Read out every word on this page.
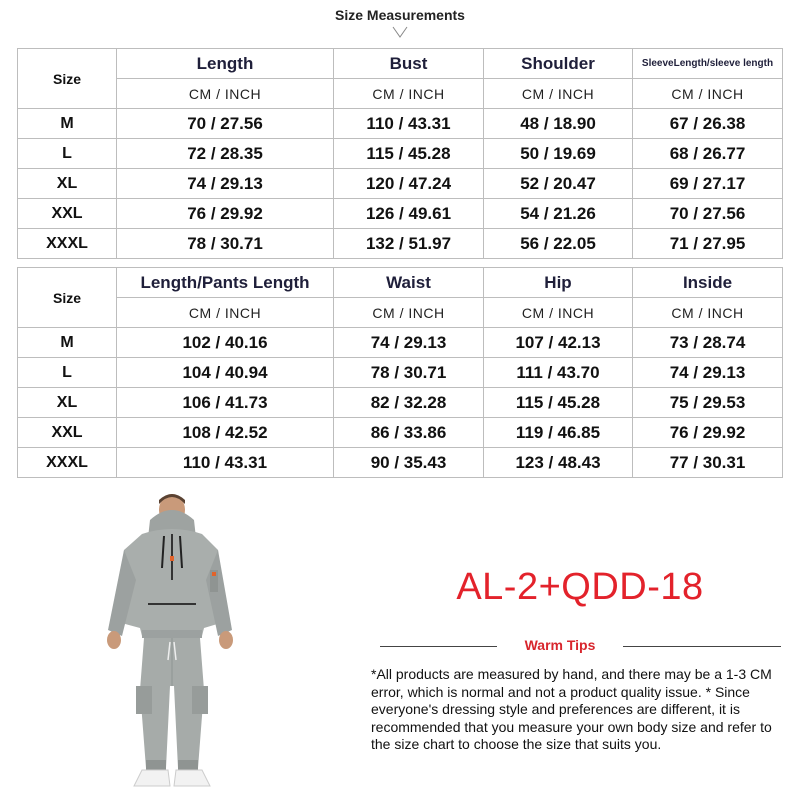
Size Measurements
Size	Length	Bust	Shoulder	SleeveLength/sleeve length
	CM / INCH	CM / INCH	CM / INCH	CM / INCH
M	70 / 27.56	110 / 43.31	48 / 18.90	67 / 26.38
L	72 / 28.35	115 / 45.28	50 / 19.69	68 / 26.77
XL	74 / 29.13	120 / 47.24	52 / 20.47	69 / 27.17
XXL	76 / 29.92	126 / 49.61	54 / 21.26	70 / 27.56
XXXL	78 / 30.71	132 / 51.97	56 / 22.05	71 / 27.95
Size	Length/Pants Length	Waist	Hip	Inside
	CM / INCH	CM / INCH	CM / INCH	CM / INCH
M	102 / 40.16	74 / 29.13	107 / 42.13	73 / 28.74
L	104 / 40.94	78 / 30.71	111 / 43.70	74 / 29.13
XL	106 / 41.73	82 / 32.28	115 / 45.28	75 / 29.53
XXL	108 / 42.52	86 / 33.86	119 / 46.85	76 / 29.92
XXXL	110 / 43.31	90 / 35.43	123 / 48.43	77 / 30.31
AL-2+QDD-18
Warm Tips
*All products are measured by hand, and there may be a 1-3 CM error, which is normal and not a product quality issue. * Since everyone's dressing style and preferences are different, it is recommended that you measure your own body size and refer to the size chart to choose the size that suits you.
